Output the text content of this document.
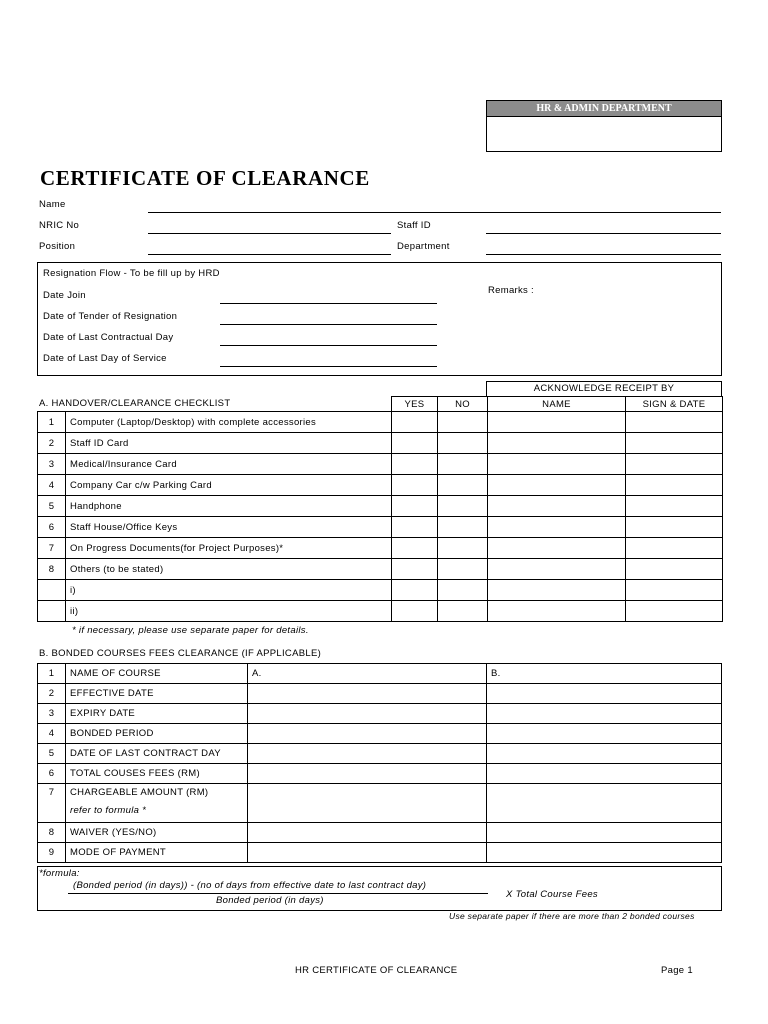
HR & ADMIN DEPARTMENT
CERTIFICATE OF CLEARANCE
Name
NRIC No	Staff ID
Position	Department
Resignation Flow - To be fill up by HRD
Remarks :
Date Join
Date of Tender of Resignation
Date of Last Contractual Day
Date of Last Day of Service
ACKNOWLEDGE RECEIPT BY
A. HANDOVER/CLEARANCE CHECKLIST
			YES	NO	NAME	SIGN & DATE
1	Computer (Laptop/Desktop) with complete accessories				
2	Staff ID Card				
3	Medical/Insurance Card				
4	Company Car c/w Parking Card				
5	Handphone				
6	Staff House/Office Keys				
7	On Progress Documents(for Project Purposes)*				
8	Others (to be stated)				
	i)				
	ii)				
* if necessary, please use separate paper for details.
B. BONDED COURSES FEES CLEARANCE (IF APPLICABLE)
1	NAME OF COURSE	A.	B.
2	EFFECTIVE DATE		

3	EXPIRY DATE		

4	BONDED PERIOD		

5	DATE OF LAST CONTRACT DAY		

6	TOTAL COUSES FEES (RM)		

7	CHARGEABLE AMOUNT (RM)
refer to formula *		

8	WAIVER (YES/NO)		

9	MODE OF PAYMENT		

*formula:
(Bonded period (in days)) - (no of days from effective date to last contract day)
Bonded period (in days)
X Total Course Fees
Use separate paper if there are more than 2 bonded courses
HR CERTIFICATE OF CLEARANCE	Page 1
